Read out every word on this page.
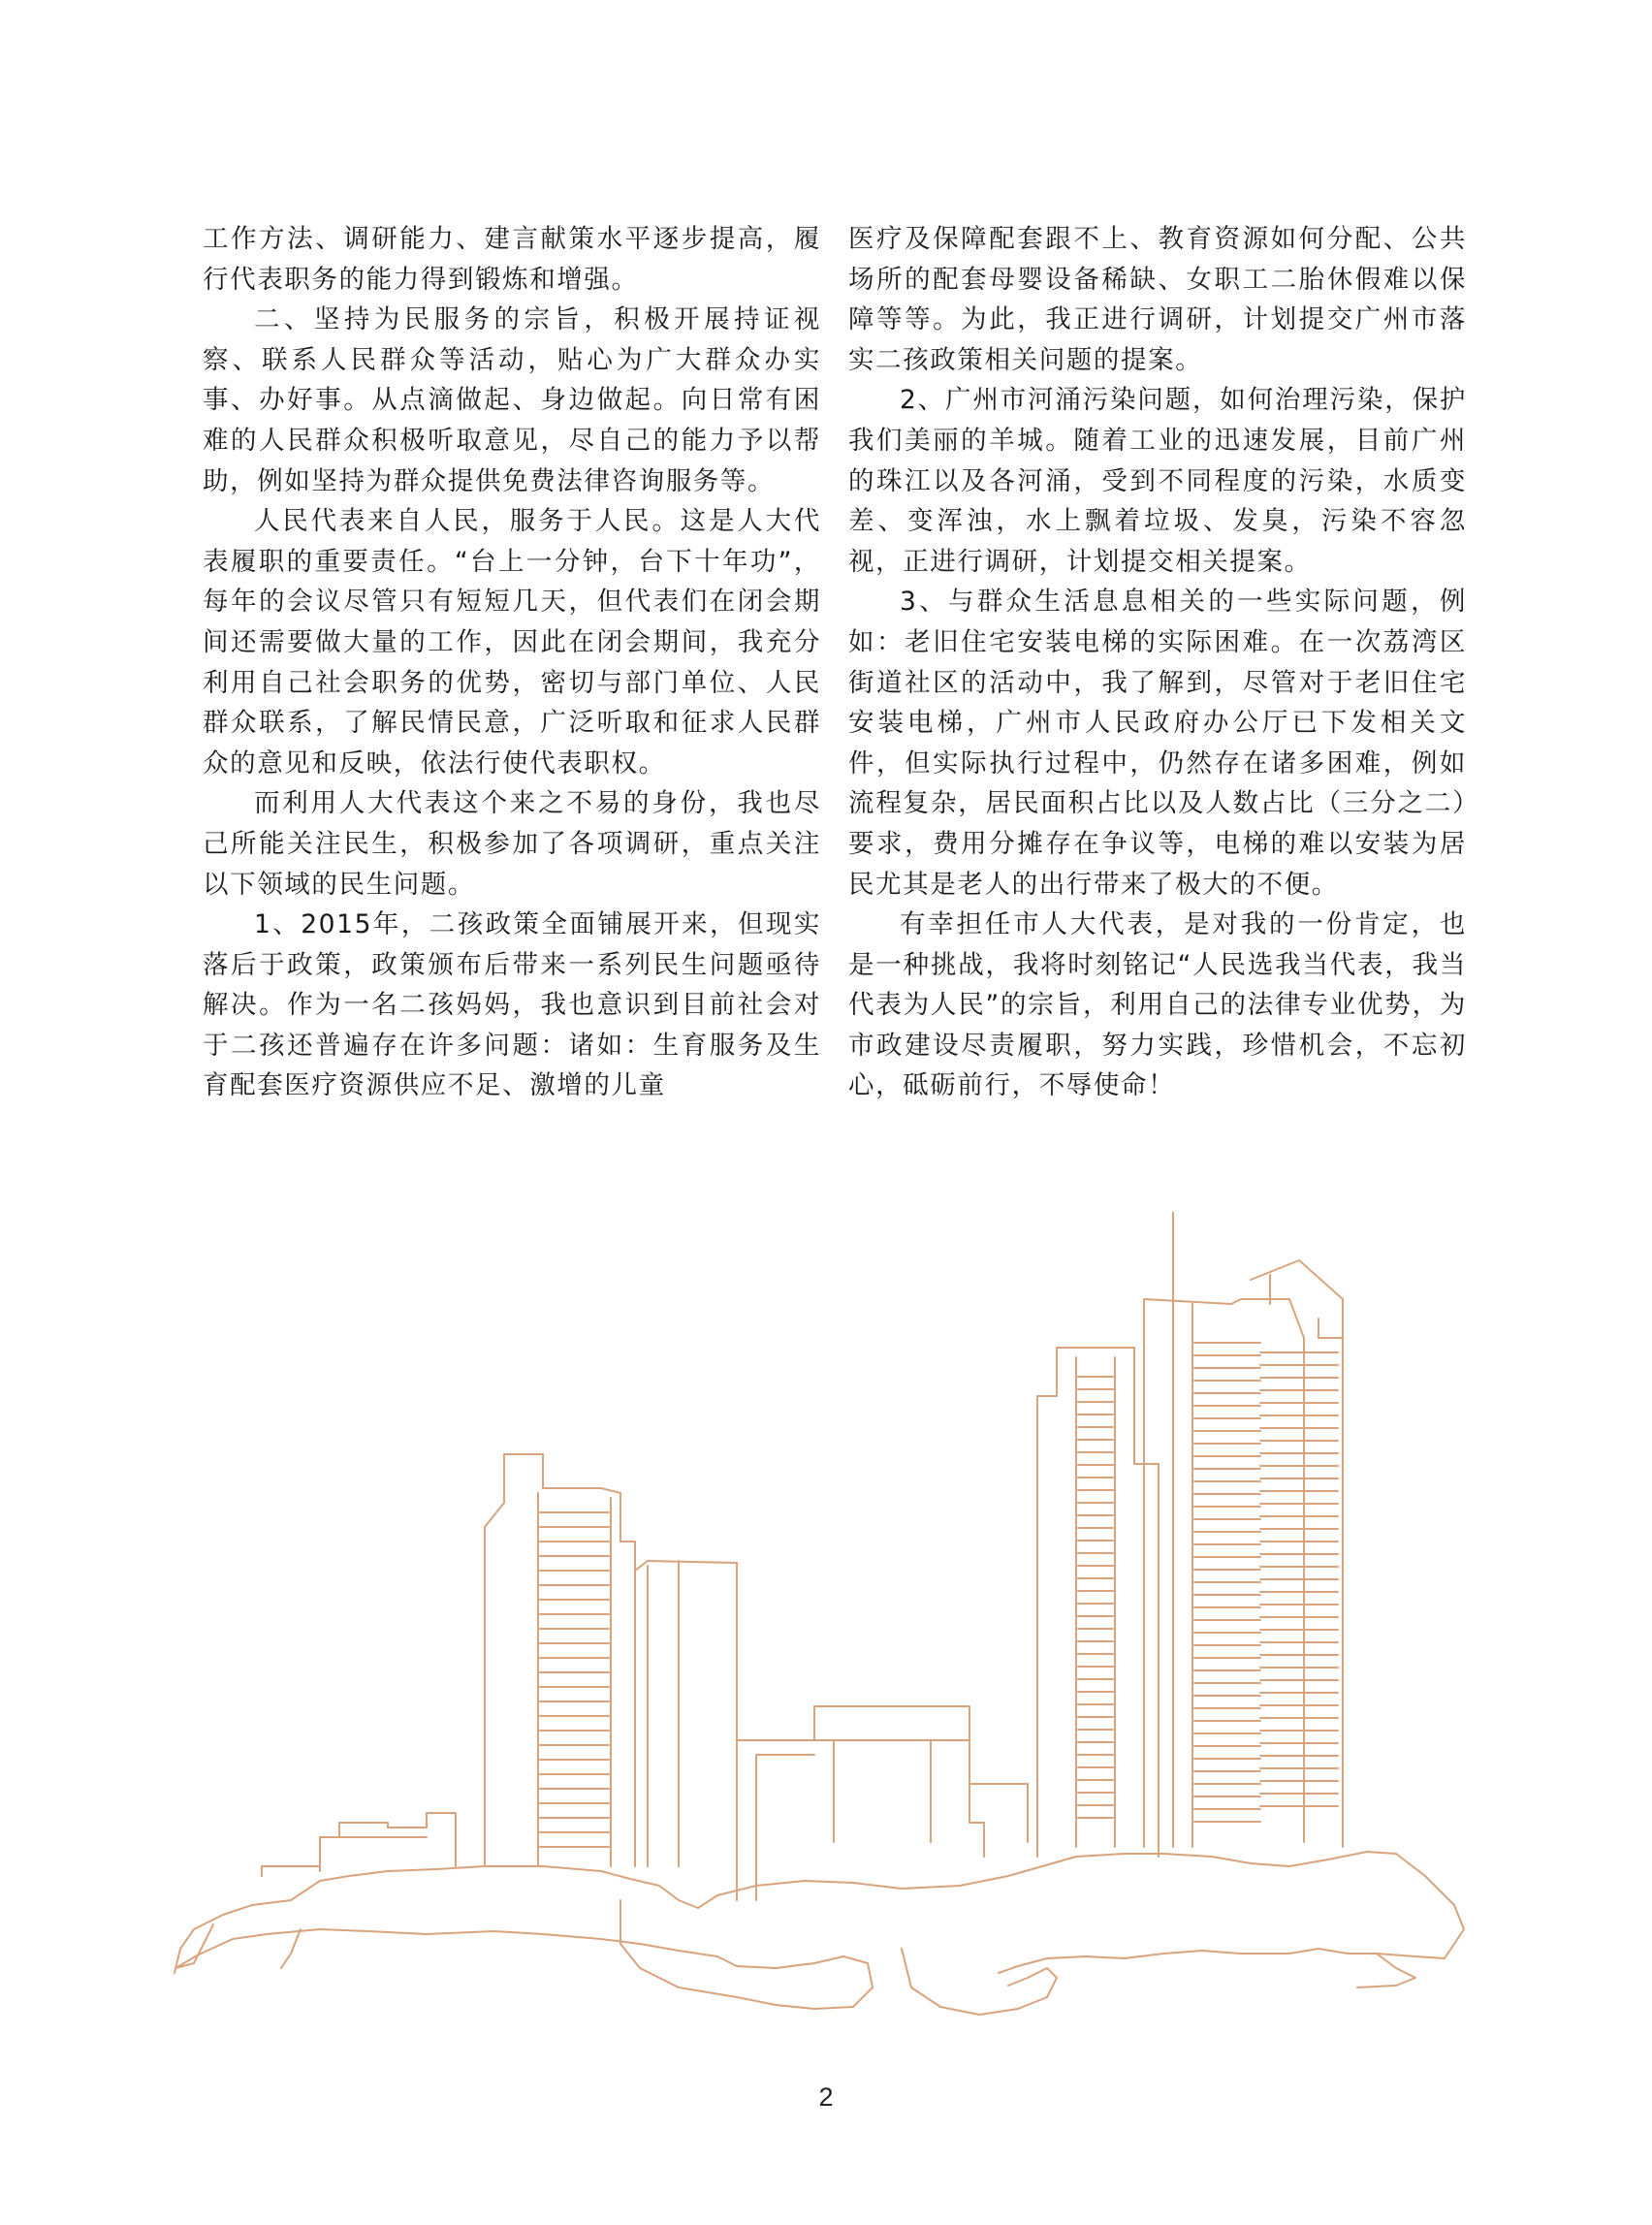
工作方法、调研能力、建言献策水平逐步提高，履行代表职务的能力得到锻炼和增强。

二、坚持为民服务的宗旨，积极开展持证视察、联系人民群众等活动，贴心为广大群众办实事、办好事。从点滴做起、身边做起。向日常有困难的人民群众积极听取意见，尽自己的能力予以帮助，例如坚持为群众提供免费法律咨询服务等。

人民代表来自人民，服务于人民。这是人大代表履职的重要责任。“台上一分钟，台下十年功”，每年的会议尽管只有短短几天，但代表们在闭会期间还需要做大量的工作，因此在闭会期间，我充分利用自己社会职务的优势，密切与部门单位、人民群众联系，了解民情民意，广泛听取和征求人民群众的意见和反映，依法行使代表职权。

而利用人大代表这个来之不易的身份，我也尽己所能关注民生，积极参加了各项调研，重点关注以下领域的民生问题。

1、2015年，二孩政策全面铺展开来，但现实落后于政策，政策颁布后带来一系列民生问题亟待解决。作为一名二孩妈妈，我也意识到目前社会对于二孩还普遍存在许多问题：诸如：生育服务及生育配套医疗资源供应不足、激增的儿童

医疗及保障配套跟不上、教育资源如何分配、公共场所的配套母婴设备稀缺、女职工二胎休假难以保障等等。为此，我正进行调研，计划提交广州市落实二孩政策相关问题的提案。

2、广州市河涌污染问题，如何治理污染，保护我们美丽的羊城。随着工业的迅速发展，目前广州的珠江以及各河涌，受到不同程度的污染，水质变差、变浑浊，水上飘着垃圾、发臭，污染不容忽视，正进行调研，计划提交相关提案。

3、与群众生活息息相关的一些实际问题，例如：老旧住宅安装电梯的实际困难。在一次荔湾区街道社区的活动中，我了解到，尽管对于老旧住宅安装电梯，广州市人民政府办公厅已下发相关文件，但实际执行过程中，仍然存在诸多困难，例如流程复杂，居民面积占比以及人数占比（三分之二）要求，费用分摊存在争议等，电梯的难以安装为居民尤其是老人的出行带来了极大的不便。

有幸担任市人大代表，是对我的一份肯定，也是一种挑战，我将时刻铭记“人民选我当代表，我当代表为人民”的宗旨，利用自己的法律专业优势，为市政建设尽责履职，努力实践，珍惜机会，不忘初心，砥砺前行，不辱使命！

2
